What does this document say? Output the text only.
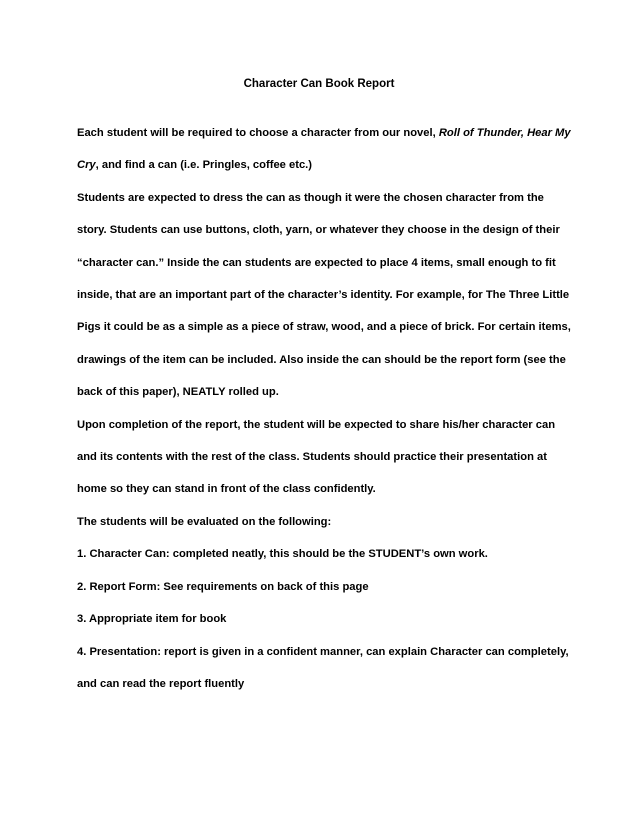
Character Can Book Report

Each student will be required to choose a character from our novel, Roll of Thunder, Hear My Cry, and find a can (i.e. Pringles, coffee etc.)

Students are expected to dress the can as though it were the chosen character from the story. Students can use buttons, cloth, yarn, or whatever they choose in the design of their “character can.” Inside the can students are expected to place 4 items, small enough to fit inside, that are an important part of the character’s identity. For example, for The Three Little Pigs it could be as a simple as a piece of straw, wood, and a piece of brick. For certain items, drawings of the item can be included. Also inside the can should be the report form (see the back of this paper), NEATLY rolled up.

Upon completion of the report, the student will be expected to share his/her character can and its contents with the rest of the class. Students should practice their presentation at home so they can stand in front of the class confidently.

The students will be evaluated on the following:

1. Character Can: completed neatly, this should be the STUDENT’s own work.

2. Report Form: See requirements on back of this page

3. Appropriate item for book

4. Presentation: report is given in a confident manner, can explain Character can completely, and can read the report fluently
